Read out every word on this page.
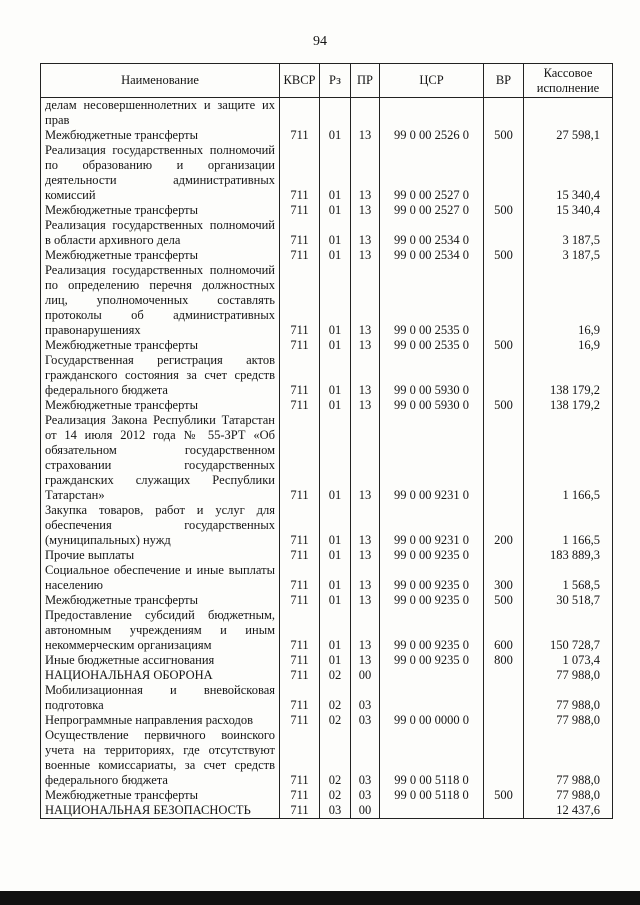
94
Наименование	КВСР	Рз	ПР	ЦСР	ВР	Кассовое исполнение
делам несовершеннолетних и защите их прав						
Межбюджетные трансферты	711	01	13	99 0 00 2526 0	500	27 598,1
Реализация государственных полномочий по образованию и организации деятельности административных комиссий	711	01	13	99 0 00 2527 0		15 340,4
Межбюджетные трансферты	711	01	13	99 0 00 2527 0	500	15 340,4
Реализация государственных полномочий в области архивного дела	711	01	13	99 0 00 2534 0		3 187,5
Межбюджетные трансферты	711	01	13	99 0 00 2534 0	500	3 187,5
Реализация государственных полномочий по определению перечня должностных лиц, уполномоченных составлять протоколы об административных правонарушениях	711	01	13	99 0 00 2535 0		16,9
Межбюджетные трансферты	711	01	13	99 0 00 2535 0	500	16,9
Государственная регистрация актов гражданского состояния за счет средств федерального бюджета	711	01	13	99 0 00 5930 0		138 179,2
Межбюджетные трансферты	711	01	13	99 0 00 5930 0	500	138 179,2
Реализация Закона Республики Татарстан от 14 июля 2012 года № 55-ЗРТ «Об обязательном государственном страховании государственных гражданских служащих Республики Татарстан»	711	01	13	99 0 00 9231 0		1 166,5
Закупка товаров, работ и услуг для обеспечения государственных (муниципальных) нужд	711	01	13	99 0 00 9231 0	200	1 166,5
Прочие выплаты	711	01	13	99 0 00 9235 0		183 889,3
Социальное обеспечение и иные выплаты населению	711	01	13	99 0 00 9235 0	300	1 568,5
Межбюджетные трансферты	711	01	13	99 0 00 9235 0	500	30 518,7
Предоставление субсидий бюджетным, автономным учреждениям и иным некоммерческим организациям	711	01	13	99 0 00 9235 0	600	150 728,7
Иные бюджетные ассигнования	711	01	13	99 0 00 9235 0	800	1 073,4
НАЦИОНАЛЬНАЯ ОБОРОНА	711	02	00			77 988,0
Мобилизационная и вневойсковая подготовка	711	02	03			77 988,0
Непрограммные направления расходов	711	02	03	99 0 00 0000 0		77 988,0
Осуществление первичного воинского учета на территориях, где отсутствуют военные комиссариаты, за счет средств федерального бюджета	711	02	03	99 0 00 5118 0		77 988,0
Межбюджетные трансферты	711	02	03	99 0 00 5118 0	500	77 988,0
НАЦИОНАЛЬНАЯ БЕЗОПАСНОСТЬ	711	03	00			12 437,6
